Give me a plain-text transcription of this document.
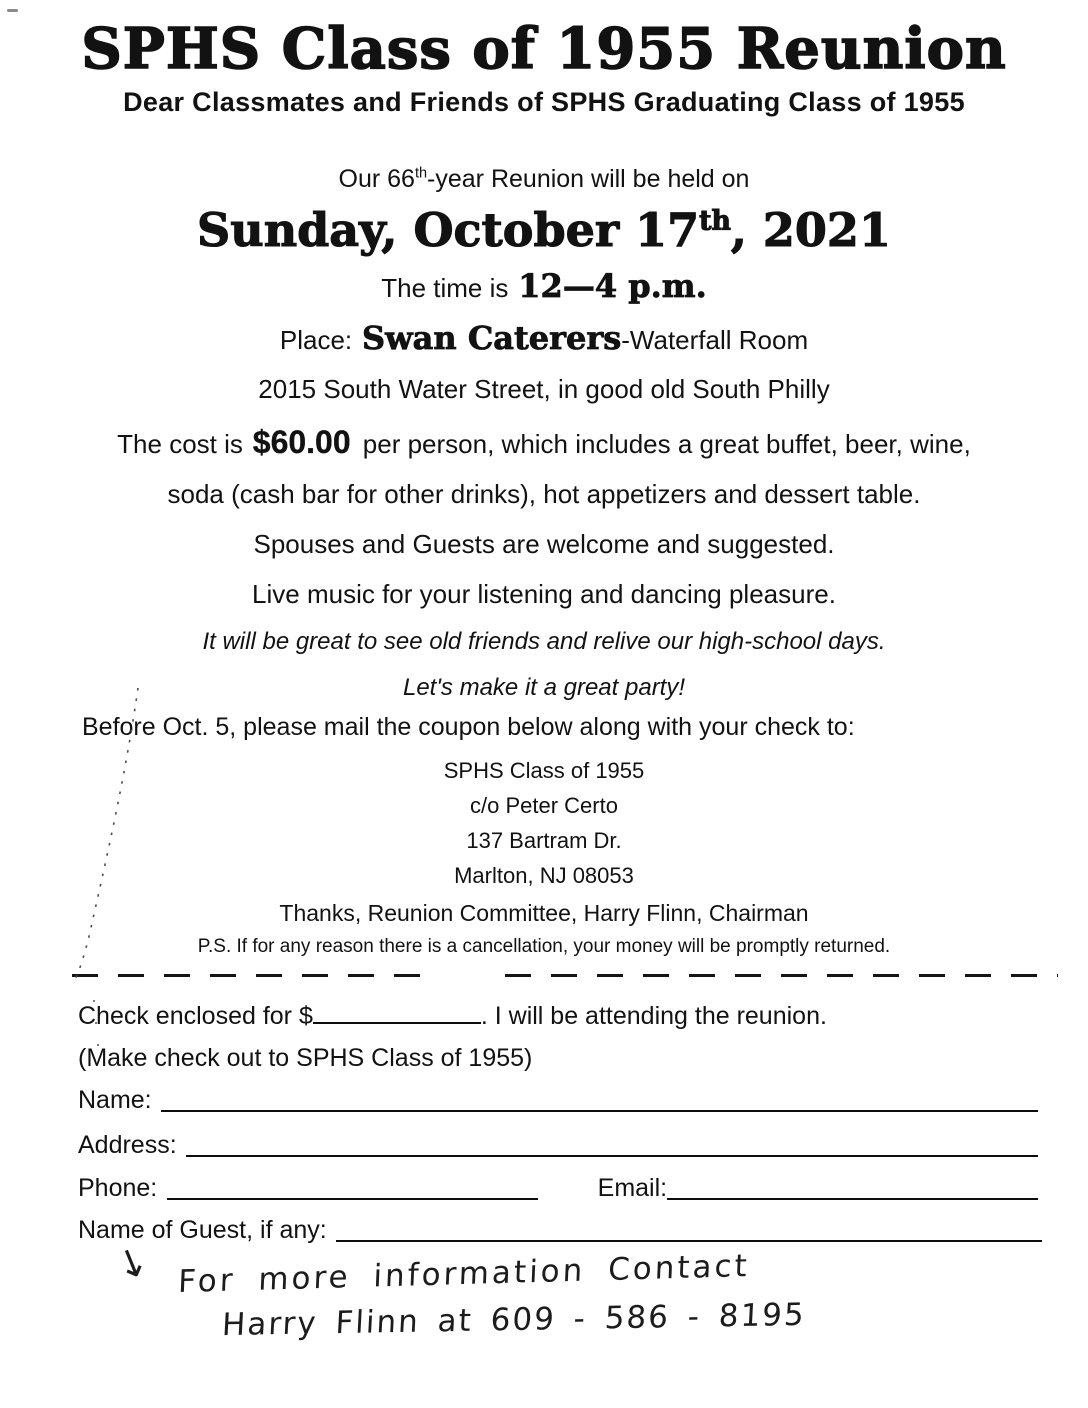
SPHS Class of 1955 Reunion
Dear Classmates and Friends of SPHS Graduating Class of 1955
Our 66th-year Reunion will be held on
Sunday, October 17th, 2021
The time is 12—4 p.m.
Place: Swan Caterers-Waterfall Room
2015 South Water Street, in good old South Philly
The cost is $60.00 per person, which includes a great buffet, beer, wine,
soda (cash bar for other drinks), hot appetizers and dessert table.
Spouses and Guests are welcome and suggested.
Live music for your listening and dancing pleasure.
It will be great to see old friends and relive our high-school days.
Let's make it a great party!
Before Oct. 5, please mail the coupon below along with your check to:
SPHS Class of 1955
c/o Peter Certo
137 Bartram Dr.
Marlton, NJ 08053
Thanks, Reunion Committee, Harry Flinn, Chairman
P.S. If for any reason there is a cancellation, your money will be promptly returned.
Check enclosed for $	. I will be attending the reunion.
(Make check out to SPHS Class of 1955)
Name:
Address:
Phone:	Email:
Name of Guest, if any:
↓ For more information Contact
Harry Flinn at 609 - 586 - 8195
